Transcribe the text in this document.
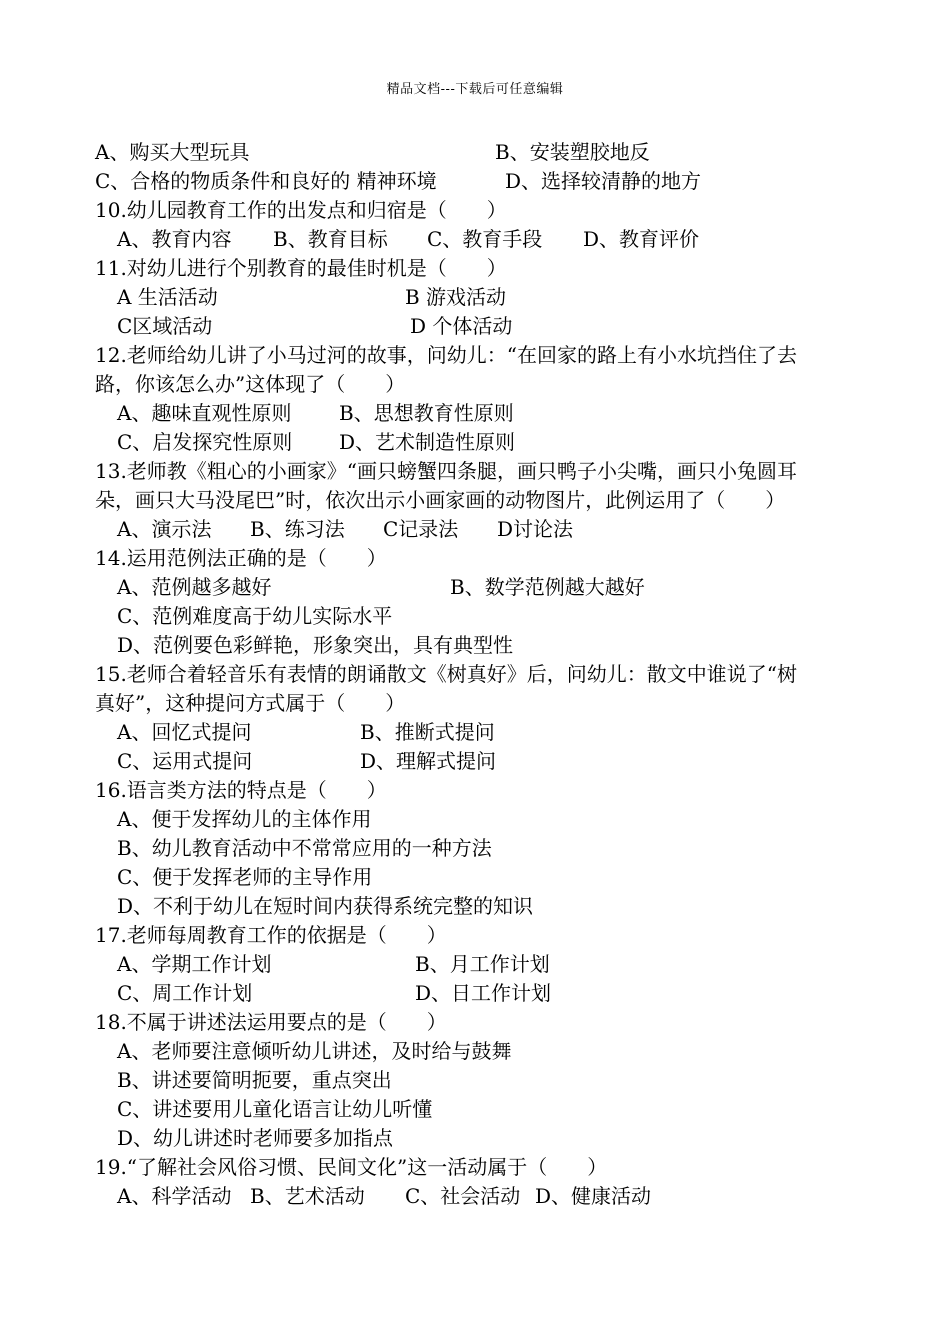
精品文档---下载后可任意编辑
A、购买大型玩具	B、安装塑胶地反
C、合格的物质条件和良好的 精神环境	D、选择较清静的地方
10.幼儿园教育工作的出发点和归宿是（　　）
A、教育内容 B、教育目标 C、教育手段 D、教育评价
11.对幼儿进行个别教育的最佳时机是（　　）
A 生活活动	B 游戏活动
C区域活动	D 个体活动
12.老师给幼儿讲了小马过河的故事，问幼儿：“在回家的路上有小水坑挡住了去
路，你该怎么办”这体现了（　　）
A、趣味直观性原则 B、思想教育性原则
C、启发探究性原则 D、艺术制造性原则
13.老师教《粗心的小画家》“画只螃蟹四条腿，画只鸭子小尖嘴，画只小兔圆耳
朵，画只大马没尾巴”时，依次出示小画家画的动物图片，此例运用了（　　）
A、演示法 B、练习法 C记录法 D讨论法
14.运用范例法正确的是（　　）
A、范例越多越好	B、数学范例越大越好
C、范例难度高于幼儿实际水平
D、范例要色彩鲜艳，形象突出，具有典型性
15.老师合着轻音乐有表情的朗诵散文《树真好》后，问幼儿：散文中谁说了“树
真好”，这种提问方式属于（　　）
A、回忆式提问	B、推断式提问
C、运用式提问	D、理解式提问
16.语言类方法的特点是（　　）
A、便于发挥幼儿的主体作用
B、幼儿教育活动中不常常应用的一种方法
C、便于发挥老师的主导作用
D、不利于幼儿在短时间内获得系统完整的知识
17.老师每周教育工作的依据是（　　）
A、学期工作计划	B、月工作计划
C、周工作计划	D、日工作计划
18.不属于讲述法运用要点的是（　　）
A、老师要注意倾听幼儿讲述，及时给与鼓舞
B、讲述要简明扼要，重点突出
C、讲述要用儿童化语言让幼儿听懂
D、幼儿讲述时老师要多加指点
19.“了解社会风俗习惯、民间文化”这一活动属于（　　）
A、科学活动 B、艺术活动 C、社会活动 D、健康活动
